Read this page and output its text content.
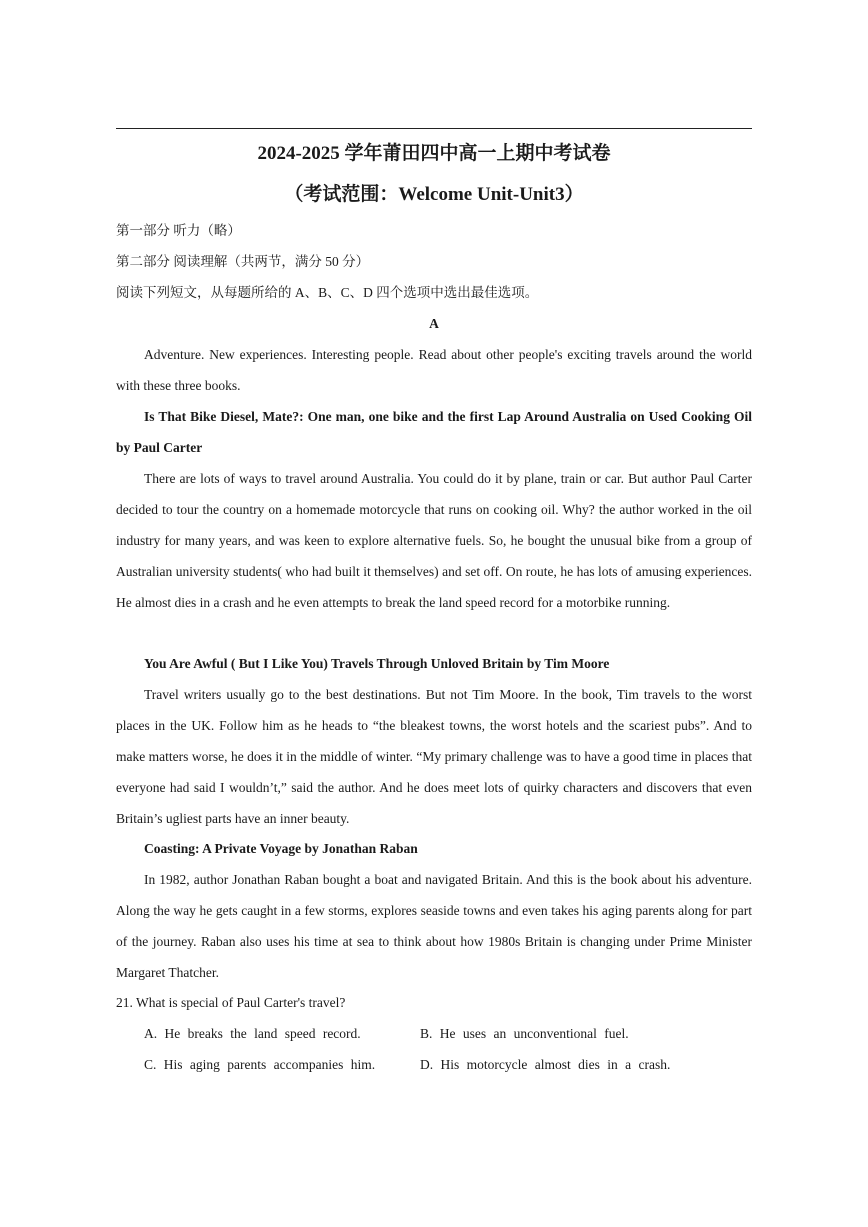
2024-2025 学年莆田四中高一上期中考试卷
（考试范围：Welcome Unit-Unit3）
第一部分 听力（略）
第二部分 阅读理解（共两节，满分 50 分）
阅读下列短文，从每题所给的 A、B、C、D 四个选项中选出最佳选项。
A
Adventure. New experiences. Interesting people. Read about other people's exciting travels around the world with these three books.
Is That Bike Diesel, Mate?: One man, one bike and the first Lap Around Australia on Used Cooking Oil by Paul Carter
There are lots of ways to travel around Australia. You could do it by plane, train or car. But author Paul Carter decided to tour the country on a homemade motorcycle that runs on cooking oil. Why? the author worked in the oil industry for many years, and was keen to explore alternative fuels. So, he bought the unusual bike from a group of Australian university students( who had built it themselves) and set off. On route, he has lots of amusing experiences. He almost dies in a crash and he even attempts to break the land speed record for a motorbike running.
You Are Awful ( But I Like You) Travels Through Unloved Britain by Tim Moore
Travel writers usually go to the best destinations. But not Tim Moore. In the book, Tim travels to the worst places in the UK. Follow him as he heads to “the bleakest towns, the worst hotels and the scariest pubs”. And to make matters worse, he does it in the middle of winter. “My primary challenge was to have a good time in places that everyone had said I wouldn’t,” said the author. And he does meet lots of quirky characters and discovers that even Britain’s ugliest parts have an inner beauty.
Coasting: A Private Voyage by Jonathan Raban
In 1982, author Jonathan Raban bought a boat and navigated Britain. And this is the book about his adventure. Along the way he gets caught in a few storms, explores seaside towns and even takes his aging parents along for part of the journey. Raban also uses his time at sea to think about how 1980s Britain is changing under Prime Minister Margaret Thatcher.
21. What is special of Paul Carter's travel?
A. He breaks the land speed record.	B. He uses an unconventional fuel.
C. His aging parents accompanies him.	D. His motorcycle almost dies in a crash.
